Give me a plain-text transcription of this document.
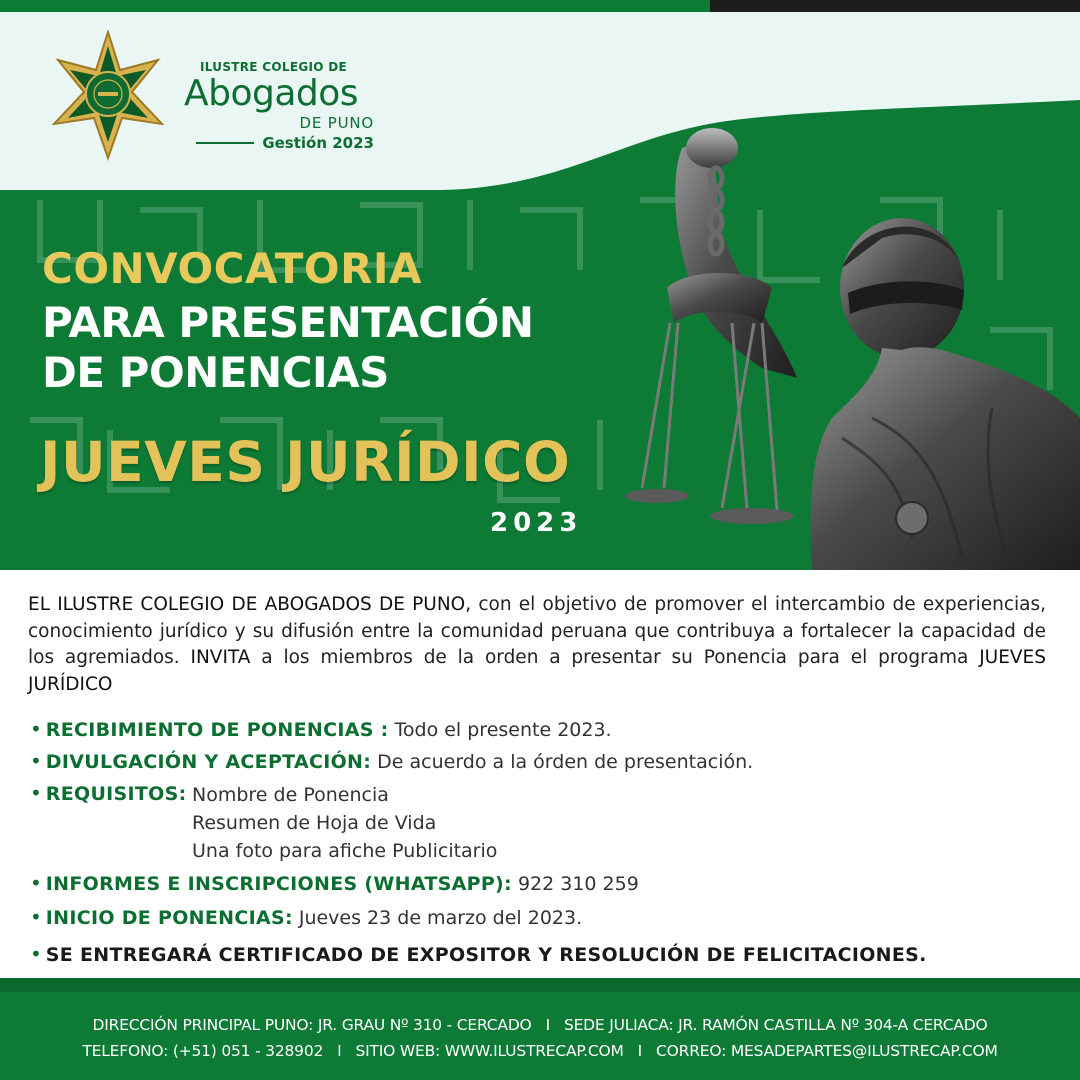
ILUSTRE COLEGIO DE
Abogados
DE PUNO
Gestión 2023
CONVOCATORIA
PARA PRESENTACIÓN
DE PONENCIAS
JUEVES JURÍDICO
2023

EL ILUSTRE COLEGIO DE ABOGADOS DE PUNO, con el objetivo de promover el intercambio de experiencias, conocimiento jurídico y su difusión entre la comunidad peruana que contribuya a fortalecer la capacidad de los agremiados. INVITA a los miembros de la orden a presentar su Ponencia para el programa JUEVES JURÍDICO

• RECIBIMIENTO DE PONENCIAS : Todo el presente 2023.
• DIVULGACIÓN Y ACEPTACIÓN: De acuerdo a la órden de presentación.
• REQUISITOS: Nombre de Ponencia
Resumen de Hoja de Vida
Una foto para afiche Publicitario
• INFORMES E INSCRIPCIONES (WHATSAPP): 922 310 259
• INICIO DE PONENCIAS: Jueves 23 de marzo del 2023.
• SE ENTREGARÁ CERTIFICADO DE EXPOSITOR Y RESOLUCIÓN DE FELICITACIONES.
DIRECCIÓN PRINCIPAL PUNO: JR. GRAU Nº 310 - CERCADO I SEDE JULIACA: JR. RAMÓN CASTILLA Nº 304-A CERCADO
TELEFONO: (+51) 051 - 328902 I SITIO WEB: WWW.ILUSTRECAP.COM I CORREO: MESADEPARTES@ILUSTRECAP.COM
